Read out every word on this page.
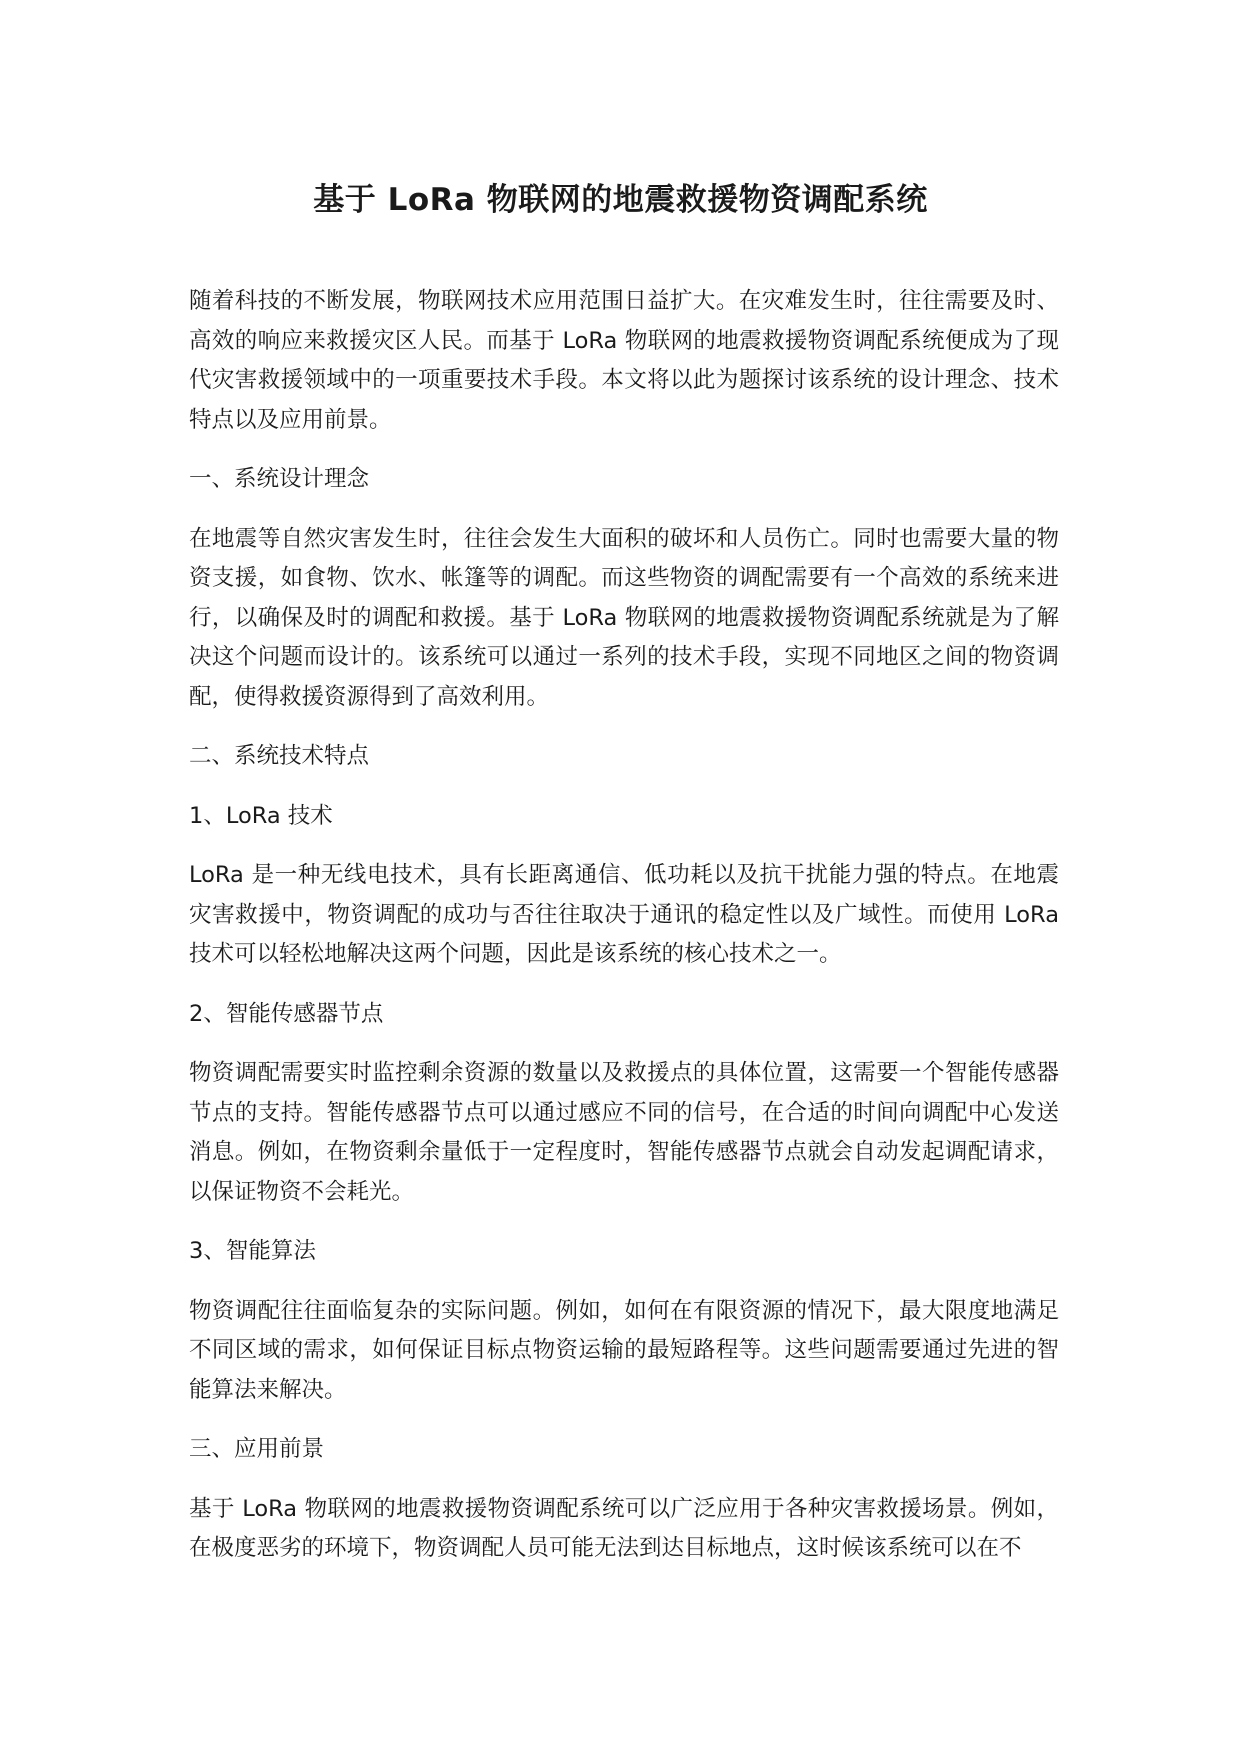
基于 LoRa 物联网的地震救援物资调配系统

随着科技的不断发展，物联网技术应用范围日益扩大。在灾难发生时，往往需要及时、高效的响应来救援灾区人民。而基于 LoRa 物联网的地震救援物资调配系统便成为了现代灾害救援领域中的一项重要技术手段。本文将以此为题探讨该系统的设计理念、技术特点以及应用前景。

一、系统设计理念

在地震等自然灾害发生时，往往会发生大面积的破坏和人员伤亡。同时也需要大量的物资支援，如食物、饮水、帐篷等的调配。而这些物资的调配需要有一个高效的系统来进行，以确保及时的调配和救援。基于 LoRa 物联网的地震救援物资调配系统就是为了解决这个问题而设计的。该系统可以通过一系列的技术手段，实现不同地区之间的物资调配，使得救援资源得到了高效利用。

二、系统技术特点

1、LoRa 技术

LoRa 是一种无线电技术，具有长距离通信、低功耗以及抗干扰能力强的特点。在地震灾害救援中，物资调配的成功与否往往取决于通讯的稳定性以及广域性。而使用 LoRa 技术可以轻松地解决这两个问题，因此是该系统的核心技术之一。

2、智能传感器节点

物资调配需要实时监控剩余资源的数量以及救援点的具体位置，这需要一个智能传感器节点的支持。智能传感器节点可以通过感应不同的信号，在合适的时间向调配中心发送消息。例如，在物资剩余量低于一定程度时，智能传感器节点就会自动发起调配请求，以保证物资不会耗光。

3、智能算法

物资调配往往面临复杂的实际问题。例如，如何在有限资源的情况下，最大限度地满足不同区域的需求，如何保证目标点物资运输的最短路程等。这些问题需要通过先进的智能算法来解决。

三、应用前景

基于 LoRa 物联网的地震救援物资调配系统可以广泛应用于各种灾害救援场景。例如，在极度恶劣的环境下，物资调配人员可能无法到达目标地点，这时候该系统可以在不
